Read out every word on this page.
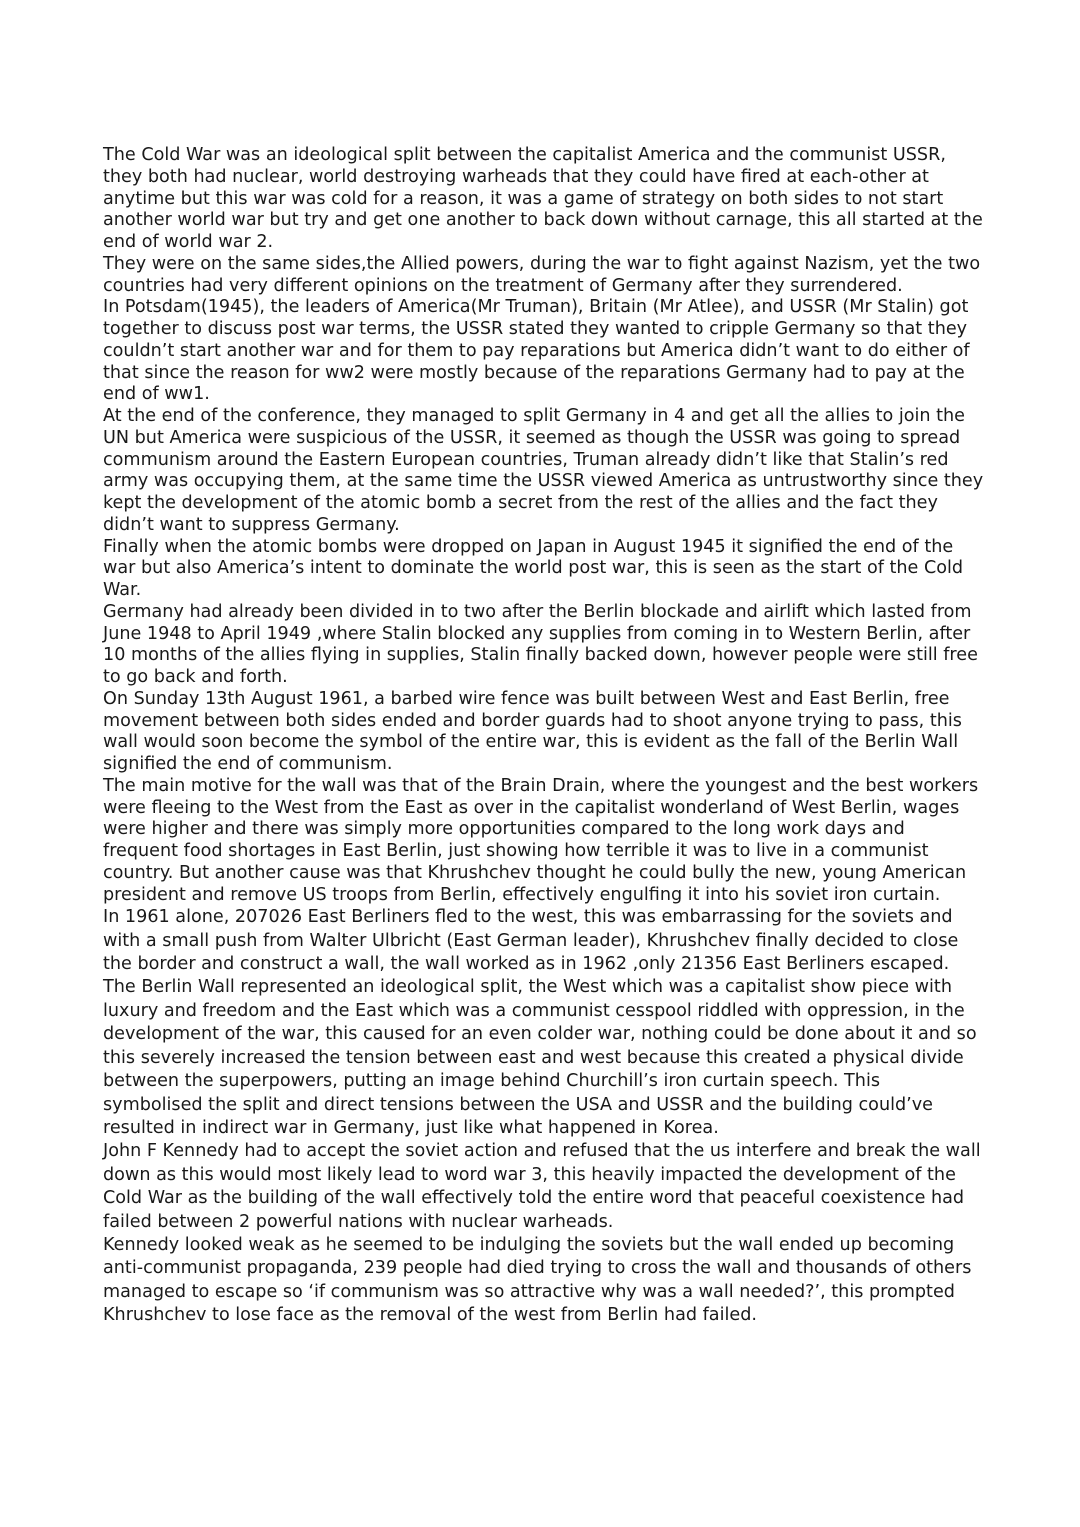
The Cold War was an ideological split between the capitalist America and the communist USSR, they both had nuclear, world destroying warheads that they could have fired at each-other at anytime but this war was cold for a reason, it was a game of strategy on both sides to not start another world war but try and get one another to back down without carnage, this all started at the end of world war 2.

They were on the same sides,the Allied powers, during the war to fight against Nazism, yet the two countries had very different opinions on the treatment of Germany after they surrendered.

In Potsdam(1945), the leaders of America(Mr Truman), Britain (Mr Atlee), and USSR (Mr Stalin) got together to discuss post war terms, the USSR stated they wanted to cripple Germany so that they couldn’t start another war and for them to pay reparations but America didn’t want to do either of that since the reason for ww2 were mostly because of the reparations Germany had to pay at the end of ww1.

At the end of the conference, they managed to split Germany in 4 and get all the allies to join the UN but America were suspicious of the USSR, it seemed as though the USSR was going to spread communism around the Eastern European countries, Truman already didn’t like that Stalin’s red army was occupying them, at the same time the USSR viewed America as untrustworthy since they kept the development of the atomic bomb a secret from the rest of the allies and the fact they didn’t want to suppress Germany.

Finally when the atomic bombs were dropped on Japan in August 1945 it signified the end of the war but also America’s intent to dominate the world post war, this is seen as the start of the Cold War.

Germany had already been divided in to two after the Berlin blockade and airlift which lasted from June 1948 to April 1949 ,where Stalin blocked any supplies from coming in to Western Berlin, after 10 months of the allies flying in supplies, Stalin finally backed down, however people were still free to go back and forth.

On Sunday 13th August 1961, a barbed wire fence was built between West and East Berlin, free movement between both sides ended and border guards had to shoot anyone trying to pass, this wall would soon become the symbol of the entire war, this is evident as the fall of the Berlin Wall signified the end of communism.

The main motive for the wall was that of the Brain Drain, where the youngest and the best workers were fleeing to the West from the East as over in the capitalist wonderland of West Berlin, wages were higher and there was simply more opportunities compared to the long work days and frequent food shortages in East Berlin, just showing how terrible it was to live in a communist country. But another cause was that Khrushchev thought he could bully the new, young American president and remove US troops from Berlin, effectively engulfing it into his soviet iron curtain.

In 1961 alone, 207026 East Berliners fled to the west, this was embarrassing for the soviets and with a small push from Walter Ulbricht (East German leader), Khrushchev finally decided to close the border and construct a wall, the wall worked as in 1962 ,only 21356 East Berliners escaped.

The Berlin Wall represented an ideological split, the West which was a capitalist show piece with luxury and freedom and the East which was a communist cesspool riddled with oppression, in the development of the war, this caused for an even colder war, nothing could be done about it and so this severely increased the tension between east and west because this created a physical divide between the superpowers, putting an image behind Churchill’s iron curtain speech. This symbolised the split and direct tensions between the USA and USSR and the building could’ve resulted in indirect war in Germany, just like what happened in Korea.

John F Kennedy had to accept the soviet action and refused that the us interfere and break the wall down as this would most likely lead to word war 3, this heavily impacted the development of the Cold War as the building of the wall effectively told the entire word that peaceful coexistence had failed between 2 powerful nations with nuclear warheads.

Kennedy looked weak as he seemed to be indulging the soviets but the wall ended up becoming anti-communist propaganda, 239 people had died trying to cross the wall and thousands of others managed to escape so ‘if communism was so attractive why was a wall needed?’, this prompted Khrushchev to lose face as the removal of the west from Berlin had failed.
